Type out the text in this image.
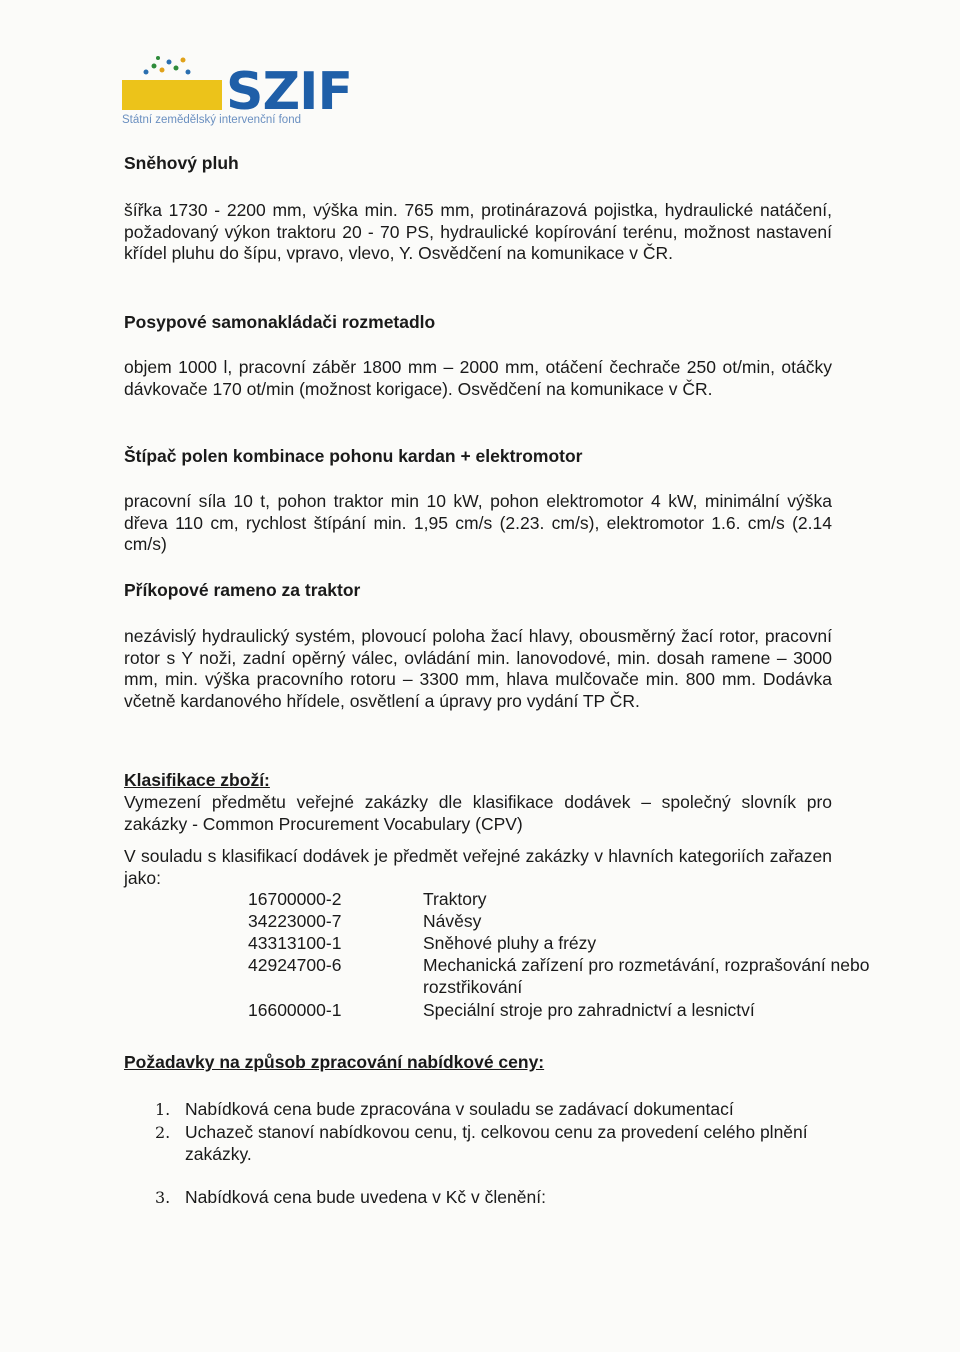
SZIF
Státní zemědělský intervenční fond
Sněhový pluh
šířka 1730 - 2200 mm, výška min. 765 mm, protinárazová pojistka, hydraulické natáčení, požadovaný výkon traktoru 20 - 70 PS, hydraulické kopírování terénu, možnost nastavení křídel pluhu do šípu, vpravo, vlevo, Y. Osvědčení na komunikace v ČR.
Posypové samonakládači rozmetadlo
objem 1000 l, pracovní záběr 1800 mm – 2000 mm, otáčení čechrače 250 ot/min, otáčky dávkovače 170 ot/min (možnost korigace). Osvědčení na komunikace v ČR.
Štípač polen kombinace pohonu kardan + elektromotor
pracovní síla 10 t, pohon traktor min 10 kW, pohon elektromotor 4 kW, minimální výška dřeva 110 cm, rychlost štípání min. 1,95 cm/s (2.23. cm/s), elektromotor 1.6. cm/s (2.14 cm/s)
Příkopové rameno za traktor
nezávislý hydraulický systém, plovoucí poloha žací hlavy, obousměrný žací rotor, pracovní rotor s Y noži, zadní opěrný válec, ovládání min. lanovodové, min. dosah ramene – 3000 mm, min. výška pracovního rotoru – 3300 mm, hlava mulčovače min. 800 mm. Dodávka včetně kardanového hřídele, osvětlení a úpravy pro vydání TP ČR.
Klasifikace zboží:
Vymezení předmětu veřejné zakázky dle klasifikace dodávek – společný slovník pro zakázky - Common Procurement Vocabulary (CPV)
V souladu s klasifikací dodávek je předmět veřejné zakázky v hlavních kategoriích zařazen jako:
16700000-2	Traktory
34223000-7	Návěsy
43313100-1	Sněhové pluhy a frézy
42924700-6	Mechanická zařízení pro rozmetávání, rozprašování nebo rozstřikování
16600000-1	Speciální stroje pro zahradnictví a lesnictví
Požadavky na způsob zpracování nabídkové ceny:
1. Nabídková cena bude zpracována v souladu se zadávací dokumentací
2. Uchazeč stanoví nabídkovou cenu, tj. celkovou cenu za provedení celého plnění zakázky.
3. Nabídková cena bude uvedena v Kč v členění:
